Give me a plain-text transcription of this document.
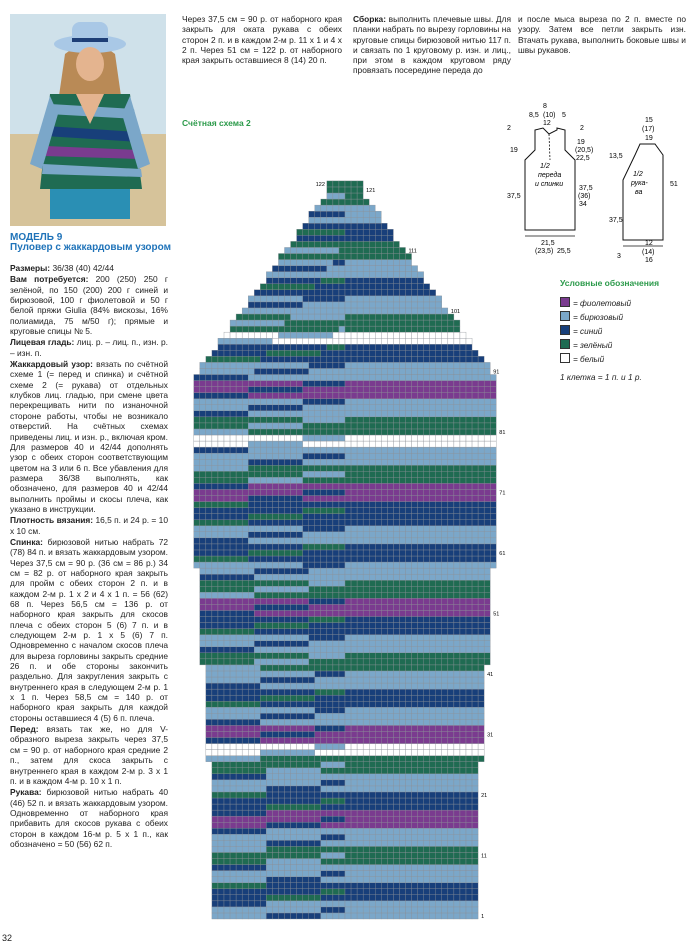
МОДЕЛЬ 9
Пуловер с жаккардовым узором

Размеры: 36/38 (40) 42/44

Вам потребуется: 200 (250) 250 г зелёной, по 150 (200) 200 г синей и бирюзовой, 100 г фиолетовой и 50 г белой пряжи Giulia (84% вискозы, 16% полиамида, 75 м/50 г); прямые и круговые спицы № 5.

Лицевая гладь: лиц. р. – лиц. п., изн. р. – изн. п.

Жаккардовый узор: вязать по счётной схеме 1 (= перед и спинка) и счётной схеме 2 (= рукава) от отдельных клубков лиц. гладью, при смене цвета перекрещивать нити по изнаночной стороне работы, чтобы не возникало отверстий. На счётных схемах приведены лиц. и изн. р., включая кром. Для размеров 40 и 42/44 дополнять узор с обеих сторон соответствующим цветом на 3 или 6 п. Все убавления для размера 36/38 выполнять, как обозначено, для размеров 40 и 42/44 выполнить проймы и скосы плеча, как указано в инструкции.

Плотность вязания: 16,5 п. и 24 р. = 10 х 10 см.

Спинка: бирюзовой нитью набрать 72 (78) 84 п. и вязать жаккардовым узором. Через 37,5 см = 90 р. (36 см = 86 р.) 34 см = 82 р. от наборного края закрыть для пройм с обеих сторон 2 п. и в каждом 2-м р. 1 х 2 и 4 х 1 п. = 56 (62) 68 п. Через 56,5 см = 136 р. от наборного края закрыть для скосов плеча с обеих сторон 5 (6) 7 п. и в следующем 2-м р. 1 х 5 (6) 7 п. Одновременно с началом скосов плеча для выреза горловины закрыть средние 26 п. и обе стороны закончить раздельно. Для закругления закрыть с внутреннего края в следующем 2-м р. 1 х 1 п. Через 58,5 см = 140 р. от наборного края закрыть для каждой стороны оставшиеся 4 (5) 6 п. плеча.

Перед: вязать так же, но для V-образного выреза закрыть через 37,5 см = 90 р. от наборного края средние 2 п., затем для скоса закрыть с внутреннего края в каждом 2-м р. 3 х 1 п. и в каждом 4-м р. 10 х 1 п.

Рукава: бирюзовой нитью набрать 40 (46) 52 п. и вязать жаккардовым узором. Одновременно от наборного края прибавить для скосов рукава с обеих сторон в каждом 16-м р. 5 х 1 п., как обозначено = 50 (56) 62 п.

Через 37,5 см = 90 р. от наборного края закрыть для оката рукава с обеих сторон 2 п. и в каждом 2-м р. 11 х 1 и 4 х 2 п. Через 51 см = 122 р. от наборного края закрыть оставшиеся 8 (14) 20 п.
Сборка: выполнить плечевые швы. Для планки набрать по вырезу горловины на круговые спицы бирюзовой нитью 117 п. и связать по 1 круговому р. изн. и лиц., при этом в каждом круговом ряду провязать посередине переда до
и после мыса выреза по 2 п. вместе по узору. Затем все петли закрыть изн. Втачать рукава, выполнить боковые швы и швы рукавов.
Счётная схема 2
1
11
21
31
41
51
61
71
81
91
101
111
121
122
1/2
переда
и спинки
2
19
37,5
8
8,5 (10)
12
5
2
19
(20,5)
22,5
37,5
(36)
34
21,5
(23,5) 25,5
1/2
рука-
ва
15
(17)
19
13,5
51
37,5
12
(14)
16
3
Условные обозначения
= фиолетовый
= бирюзовый
= синий
= зелёный
= белый
1 клетка = 1 п. и 1 р.
32
